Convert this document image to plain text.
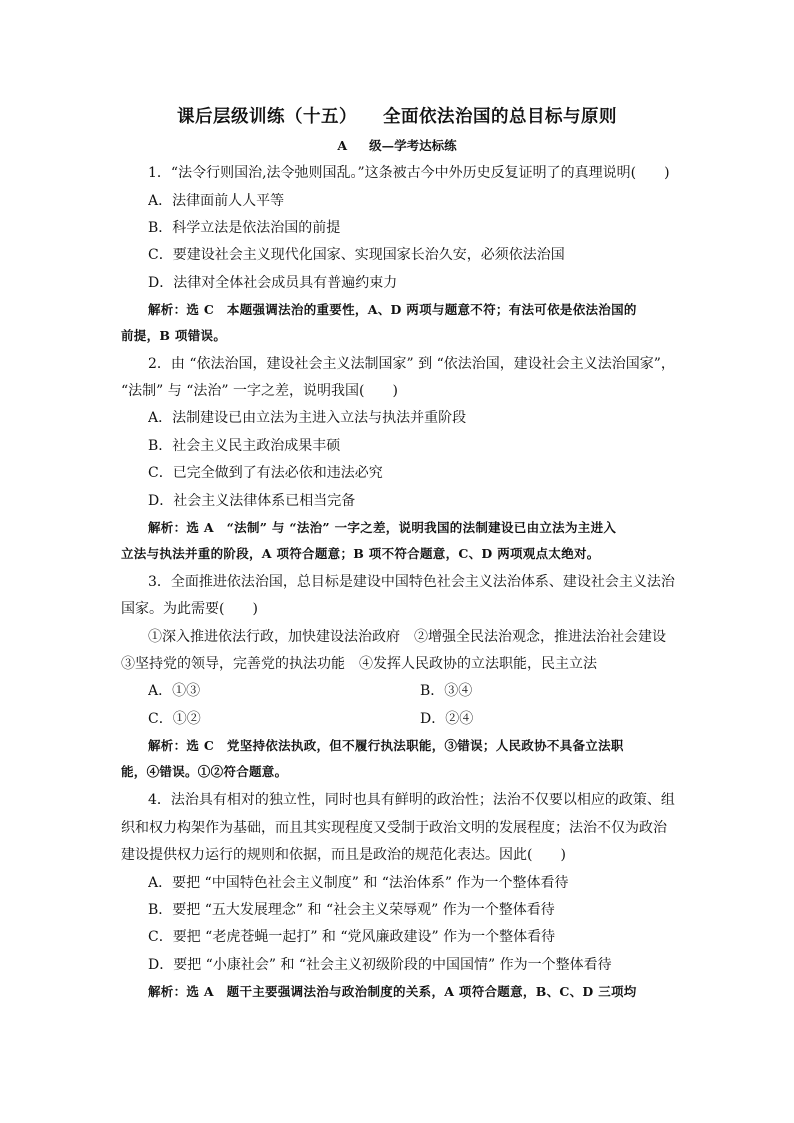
课后层级训练（十五） 全面依法治国的总目标与原则
A 级—学考达标练
1．“法令行则国治,法令弛则国乱。”这条被古今中外历史反复证明了的真理说明(　　)
A．法律面前人人平等
B．科学立法是依法治国的前提
C．要建设社会主义现代化国家、实现国家长治久安，必须依法治国
D．法律对全体社会成员具有普遍约束力
解析：选 C　本题强调法治的重要性，A、D 两项与题意不符；有法可依是依法治国的
前提，B 项错误。
2．由 “依法治国，建设社会主义法制国家” 到 “依法治国，建设社会主义法治国家”，
“法制” 与 “法治” 一字之差，说明我国(　　)
A．法制建设已由立法为主进入立法与执法并重阶段
B．社会主义民主政治成果丰硕
C．已完全做到了有法必依和违法必究
D．社会主义法律体系已相当完备
解析：选 A　“法制” 与 “法治” 一字之差，说明我国的法制建设已由立法为主进入
立法与执法并重的阶段，A 项符合题意；B 项不符合题意，C、D 两项观点太绝对。
3．全面推进依法治国，总目标是建设中国特色社会主义法治体系、建设社会主义法治
国家。为此需要(　　)
①深入推进依法行政，加快建设法治政府　②增强全民法治观念，推进法治社会建设
③坚持党的领导，完善党的执法功能　④发挥人民政协的立法职能，民主立法
A．①③	B．③④
C．①②	D．②④
解析：选 C　党坚持依法执政，但不履行执法职能，③错误；人民政协不具备立法职
能，④错误。①②符合题意。
4．法治具有相对的独立性，同时也具有鲜明的政治性；法治不仅要以相应的政策、组
织和权力构架作为基础，而且其实现程度又受制于政治文明的发展程度；法治不仅为政治
建设提供权力运行的规则和依据，而且是政治的规范化表达。因此(　　)
A．要把 “中国特色社会主义制度” 和 “法治体系” 作为一个整体看待
B．要把 “五大发展理念” 和 “社会主义荣辱观” 作为一个整体看待
C．要把 “老虎苍蝇一起打” 和 “党风廉政建设” 作为一个整体看待
D．要把 “小康社会” 和 “社会主义初级阶段的中国国情” 作为一个整体看待
解析：选 A　题干主要强调法治与政治制度的关系，A 项符合题意，B、C、D 三项均
